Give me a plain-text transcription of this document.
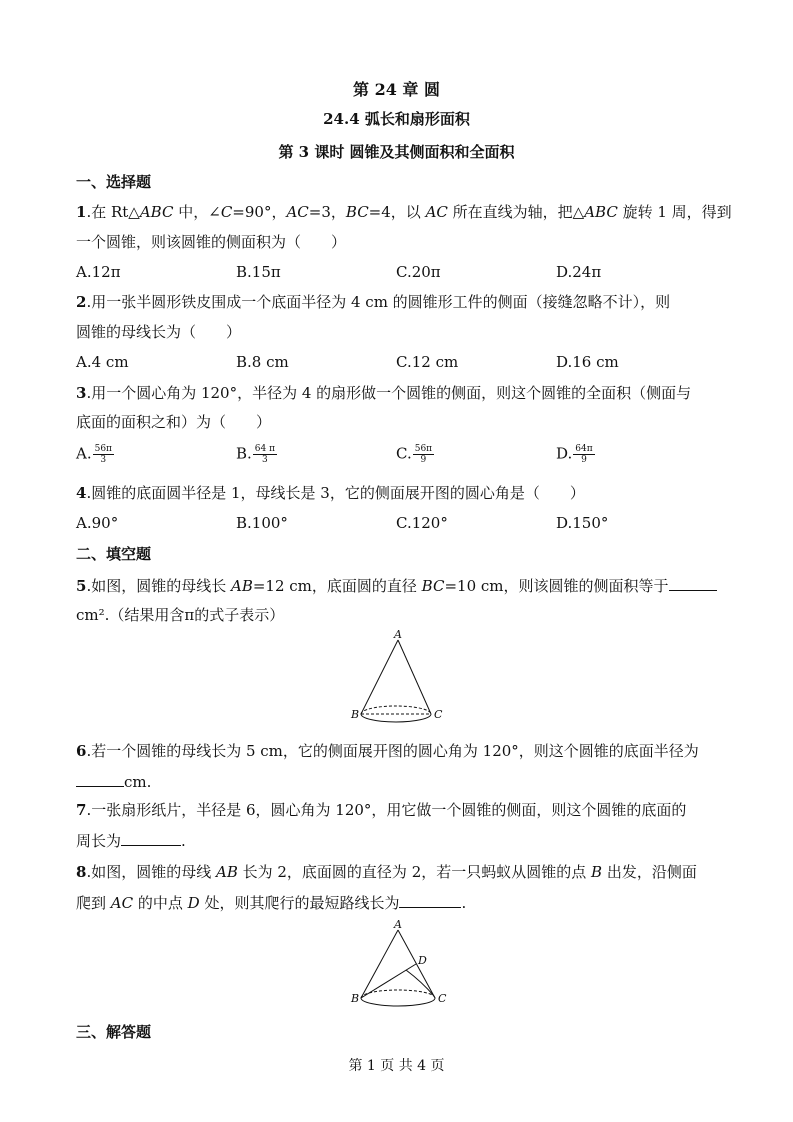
第 24 章 圆
24.4 弧长和扇形面积
第 3 课时 圆锥及其侧面积和全面积
一、选择题
1.在 Rt△ABC 中，∠C=90°，AC=3，BC=4，以 AC 所在直线为轴，把△ABC 旋转 1 周，得到
一个圆锥，则该圆锥的侧面积为（　　）
A.12π	B.15π	C.20π	D.24π
2.用一张半圆形铁皮围成一个底面半径为 4 cm 的圆锥形工件的侧面（接缝忽略不计），则
圆锥的母线长为（　　）
A.4 cm	B.8 cm	C.12 cm	D.16 cm
3.用一个圆心角为 120°，半径为 4 的扇形做一个圆锥的侧面，则这个圆锥的全面积（侧面与
底面的面积之和）为（　　）
A. $\frac{56\pi}{3}$	B. $\frac{64 \pi}{3}$	C. $\frac{56\pi}{9}$	D. $\frac{64\pi}{9}$
4.圆锥的底面圆半径是 1，母线长是 3，它的侧面展开图的圆心角是（　　）
A.90°	B.100°	C.120°	D.150°
二、填空题
5.如图，圆锥的母线长 AB=12 cm，底面圆的直径 BC=10 cm，则该圆锥的侧面积等于
cm².（结果用含π的式子表示）
A
B	C
6.若一个圆锥的母线长为 5 cm，它的侧面展开图的圆心角为 120°，则这个圆锥的底面半径为
cm.
7.一张扇形纸片，半径是 6，圆心角为 120°，用它做一个圆锥的侧面，则这个圆锥的底面的
周长为	.
8.如图，圆锥的母线 AB 长为 2，底面圆的直径为 2，若一只蚂蚁从圆锥的点 B 出发，沿侧面
爬到 AC 的中点 D 处，则其爬行的最短路线长为	.
A
B	C
D
三、解答题
第 1 页 共 4 页
